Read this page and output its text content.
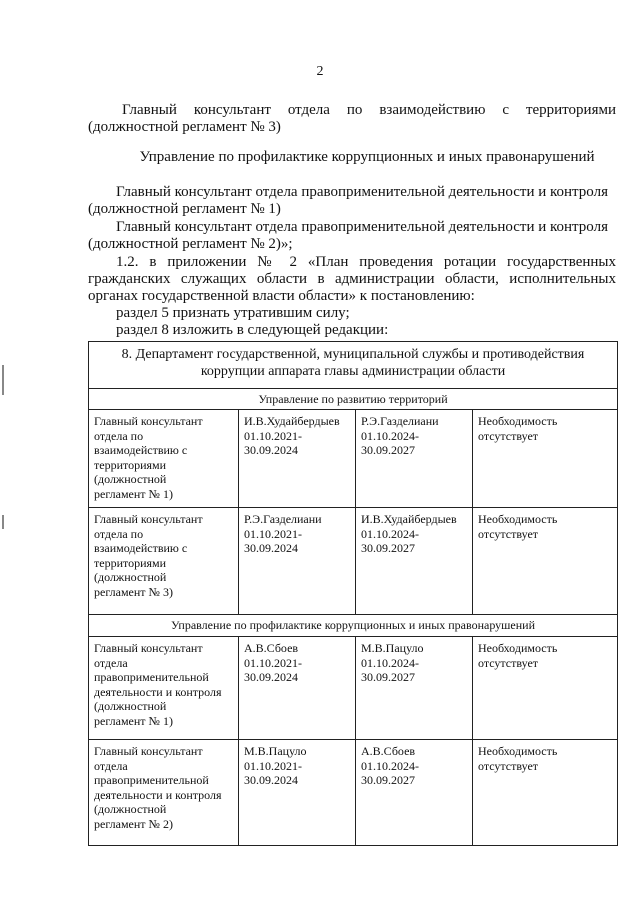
2
Главный консультант отдела по взаимодействию с территориями
(должностной регламент № 3)
Управление по профилактике коррупционных и иных правонарушений
Главный консультант отдела правоприменительной деятельности и контроля
(должностной регламент № 1)
Главный консультант отдела правоприменительной деятельности и контроля
(должностной регламент № 2)»;
1.2. в приложении № 2 «План проведения ротации государственных
гражданских служащих области в администрации области, исполнительных
органах государственной власти области» к постановлению:
раздел 5 признать утратившим силу;
раздел 8 изложить в следующей редакции:
8. Департамент государственной, муниципальной службы и противодействия коррупции аппарата главы администрации области
Управление по развитию территорий
Главный консультант
отдела по
взаимодействию с
территориями
(должностной
регламент № 1)
И.В.Худайбердыев
01.10.2021-
30.09.2024
Р.Э.Газделиани
01.10.2024-
30.09.2027
Необходимость
отсутствует
Главный консультант
отдела по
взаимодействию с
территориями
(должностной
регламент № 3)
Р.Э.Газделиани
01.10.2021-
30.09.2024
И.В.Худайбердыев
01.10.2024-
30.09.2027
Необходимость
отсутствует
Управление по профилактике коррупционных и иных правонарушений
Главный консультант
отдела
правоприменительной
деятельности и контроля
(должностной
регламент № 1)
А.В.Сбоев
01.10.2021-
30.09.2024
М.В.Пацуло
01.10.2024-
30.09.2027
Необходимость
отсутствует
Главный консультант
отдела
правоприменительной
деятельности и контроля
(должностной
регламент № 2)
М.В.Пацуло
01.10.2021-
30.09.2024
А.В.Сбоев
01.10.2024-
30.09.2027
Необходимость
отсутствует
